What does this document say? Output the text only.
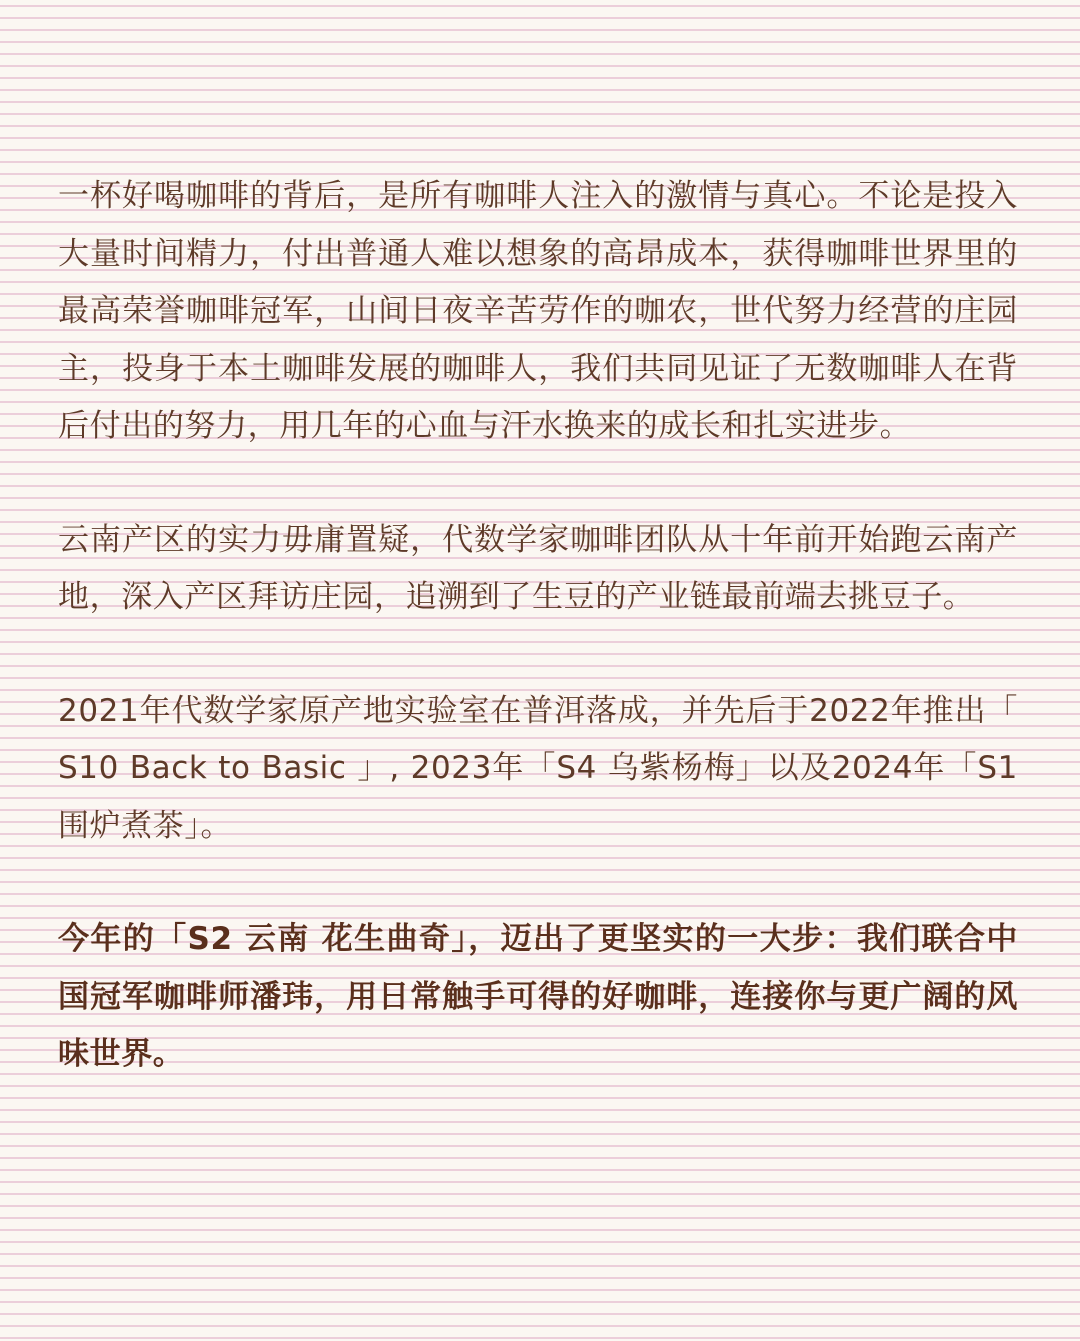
一杯好喝咖啡的背后，是所有咖啡人注入的激情与真心。不论是投入大量时间精力，付出普通人难以想象的高昂成本，获得咖啡世界里的最高荣誉咖啡冠军，山间日夜辛苦劳作的咖农，世代努力经营的庄园主，投身于本土咖啡发展的咖啡人，我们共同见证了无数咖啡人在背后付出的努力，用几年的心血与汗水换来的成长和扎实进步。

云南产区的实力毋庸置疑，代数学家咖啡团队从十年前开始跑云南产地，深入产区拜访庄园，追溯到了生豆的产业链最前端去挑豆子。

2021年代数学家原产地实验室在普洱落成，并先后于2022年推出「 S10 Back to Basic 」, 2023年「S4 乌紫杨梅」以及2024年「S1围炉煮茶」。

今年的「S2 云南 花生曲奇」，迈出了更坚实的一大步：我们联合中国冠军咖啡师潘玮，用日常触手可得的好咖啡，连接你与更广阔的风味世界。
